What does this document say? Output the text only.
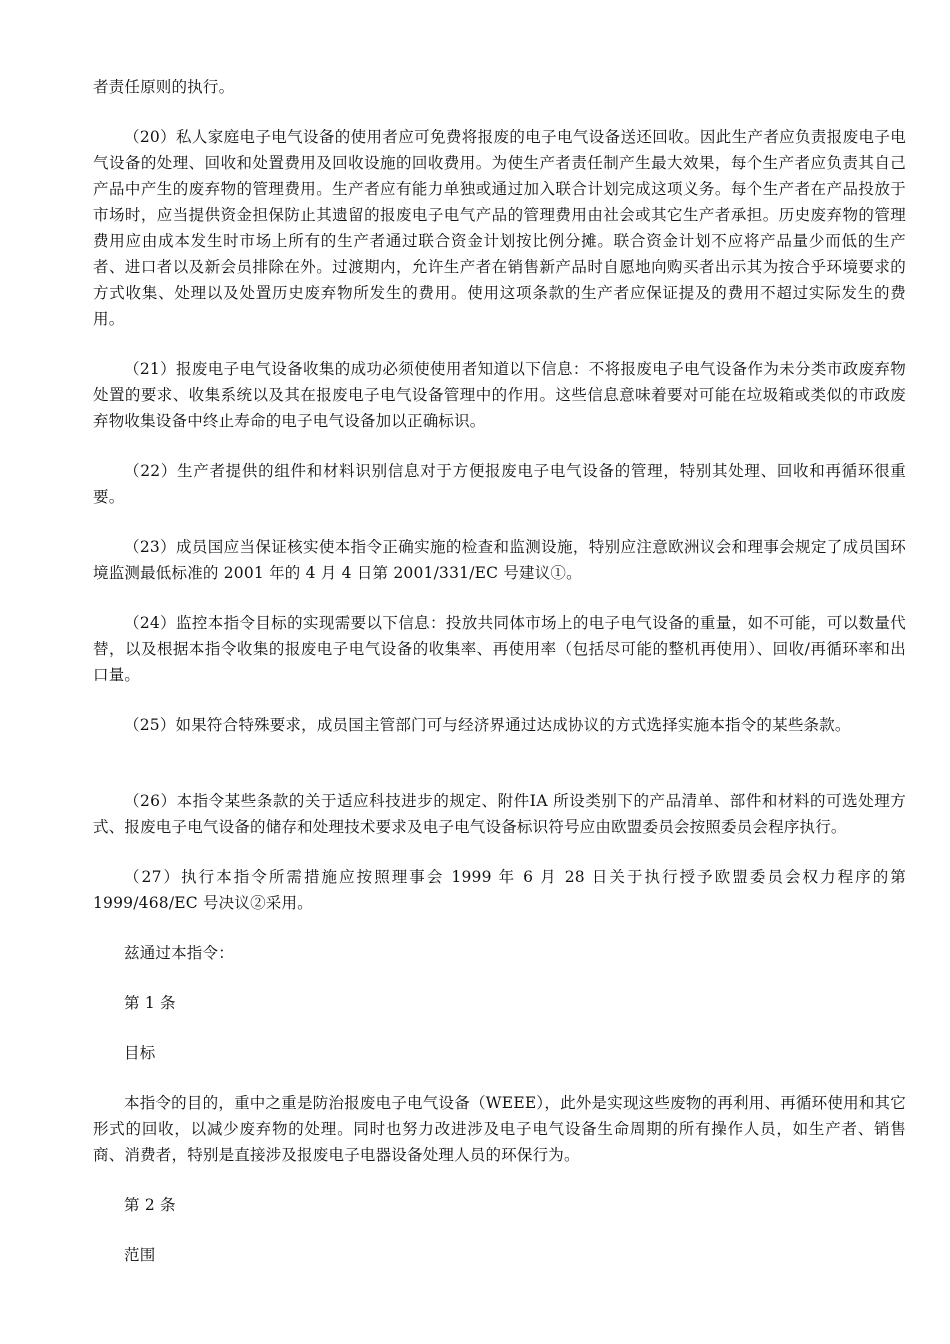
者责任原则的执行。

（20）私人家庭电子电气设备的使用者应可免费将报废的电子电气设备送还回收。因此生产者应负责报废电子电气设备的处理、回收和处置费用及回收设施的回收费用。为使生产者责任制产生最大效果，每个生产者应负责其自己产品中产生的废弃物的管理费用。生产者应有能力单独或通过加入联合计划完成这项义务。每个生产者在产品投放于市场时，应当提供资金担保防止其遗留的报废电子电气产品的管理费用由社会或其它生产者承担。历史废弃物的管理费用应由成本发生时市场上所有的生产者通过联合资金计划按比例分摊。联合资金计划不应将产品量少而低的生产者、进口者以及新会员排除在外。过渡期内，允许生产者在销售新产品时自愿地向购买者出示其为按合乎环境要求的方式收集、处理以及处置历史废弃物所发生的费用。使用这项条款的生产者应保证提及的费用不超过实际发生的费用。

（21）报废电子电气设备收集的成功必须使使用者知道以下信息：不将报废电子电气设备作为未分类市政废弃物处置的要求、收集系统以及其在报废电子电气设备管理中的作用。这些信息意味着要对可能在垃圾箱或类似的市政废弃物收集设备中终止寿命的电子电气设备加以正确标识。

（22）生产者提供的组件和材料识别信息对于方便报废电子电气设备的管理，特别其处理、回收和再循环很重要。

（23）成员国应当保证核实使本指令正确实施的检查和监测设施，特别应注意欧洲议会和理事会规定了成员国环境监测最低标准的 2001 年的 4 月 4 日第 2001/331/EC 号建议①。

（24）监控本指令目标的实现需要以下信息：投放共同体市场上的电子电气设备的重量，如不可能，可以数量代替，以及根据本指令收集的报废电子电气设备的收集率、再使用率（包括尽可能的整机再使用）、回收/再循环率和出口量。

（25）如果符合特殊要求，成员国主管部门可与经济界通过达成协议的方式选择实施本指令的某些条款。

（26）本指令某些条款的关于适应科技进步的规定、附件ⅠA 所设类别下的产品清单、部件和材料的可选处理方式、报废电子电气设备的储存和处理技术要求及电子电气设备标识符号应由欧盟委员会按照委员会程序执行。

（27）执行本指令所需措施应按照理事会 1999 年 6 月 28 日关于执行授予欧盟委员会权力程序的第 1999/468/EC 号决议②采用。

兹通过本指令：

第 1 条

目标

本指令的目的，重中之重是防治报废电子电气设备（WEEE），此外是实现这些废物的再利用、再循环使用和其它形式的回收，以减少废弃物的处理。同时也努力改进涉及电子电气设备生命周期的所有操作人员，如生产者、销售商、消费者，特别是直接涉及报废电子电器设备处理人员的环保行为。

第 2 条

范围
